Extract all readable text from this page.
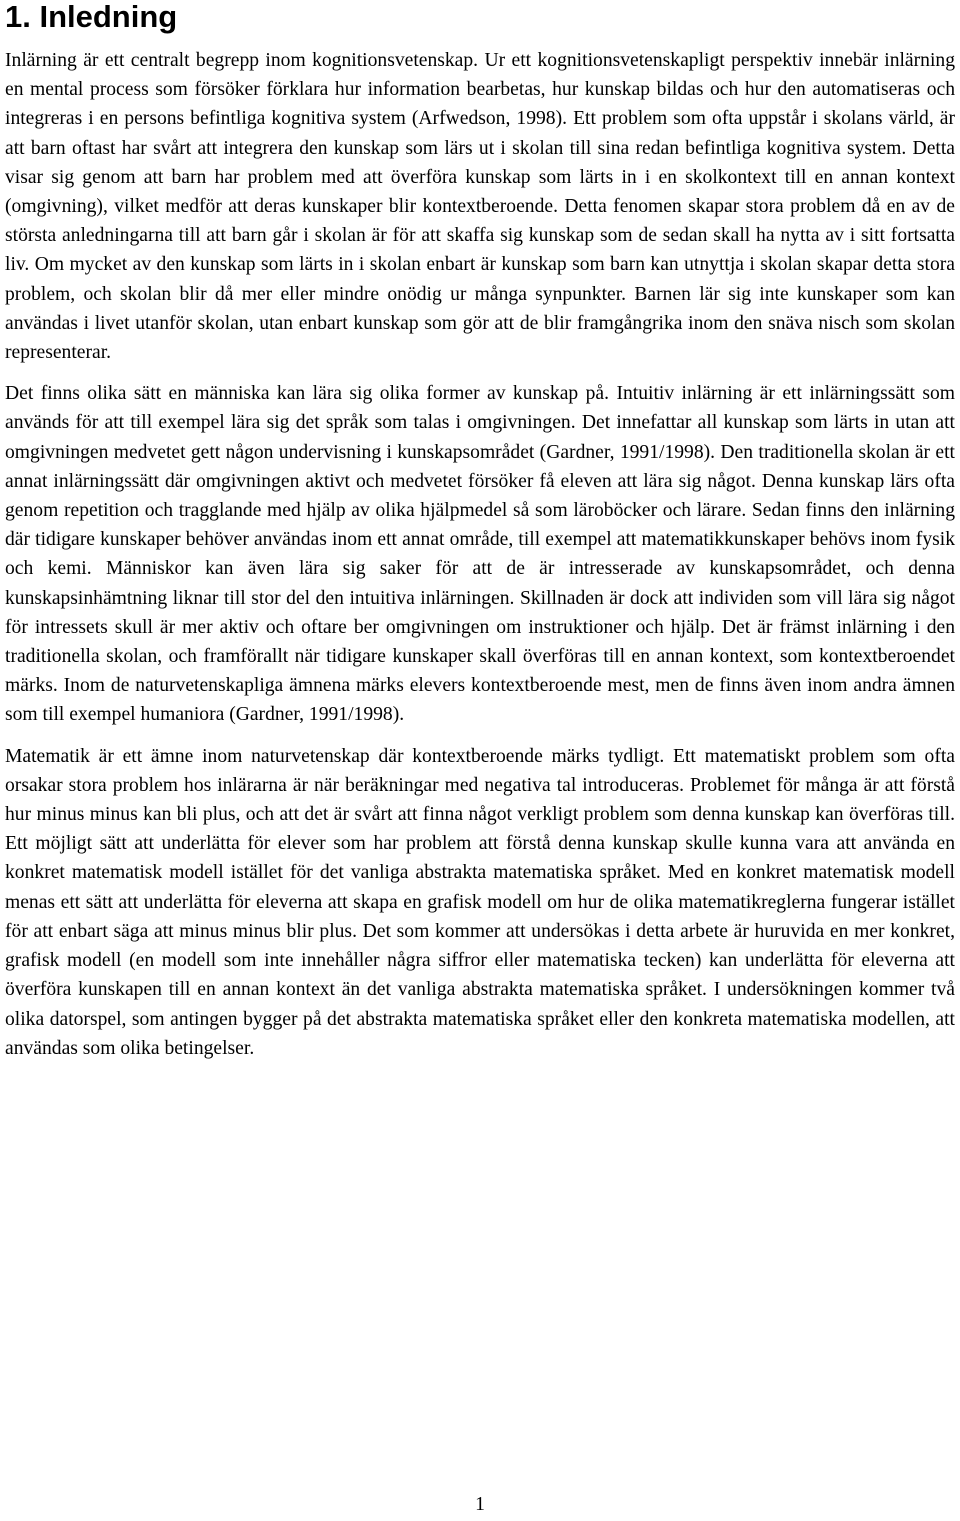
1. Inledning

Inlärning är ett centralt begrepp inom kognitionsvetenskap. Ur ett kognitionsvetenskapligt perspektiv innebär inlärning en mental process som försöker förklara hur information bearbetas, hur kunskap bildas och hur den automatiseras och integreras i en persons befintliga kognitiva system (Arfwedson, 1998). Ett problem som ofta uppstår i skolans värld, är att barn oftast har svårt att integrera den kunskap som lärs ut i skolan till sina redan befintliga kognitiva system. Detta visar sig genom att barn har problem med att överföra kunskap som lärts in i en skolkontext till en annan kontext (omgivning), vilket medför att deras kunskaper blir kontextberoende. Detta fenomen skapar stora problem då en av de största anledningarna till att barn går i skolan är för att skaffa sig kunskap som de sedan skall ha nytta av i sitt fortsatta liv. Om mycket av den kunskap som lärts in i skolan enbart är kunskap som barn kan utnyttja i skolan skapar detta stora problem, och skolan blir då mer eller mindre onödig ur många synpunkter. Barnen lär sig inte kunskaper som kan användas i livet utanför skolan, utan enbart kunskap som gör att de blir framgångrika inom den snäva nisch som skolan representerar.

Det finns olika sätt en människa kan lära sig olika former av kunskap på. Intuitiv inlärning är ett inlärningssätt som används för att till exempel lära sig det språk som talas i omgivningen. Det innefattar all kunskap som lärts in utan att omgivningen medvetet gett någon undervisning i kunskapsområdet (Gardner, 1991/1998). Den traditionella skolan är ett annat inlärningssätt där omgivningen aktivt och medvetet försöker få eleven att lära sig något. Denna kunskap lärs ofta genom repetition och tragglande med hjälp av olika hjälpmedel så som läroböcker och lärare. Sedan finns den inlärning där tidigare kunskaper behöver användas inom ett annat område, till exempel att matematikkunskaper behövs inom fysik och kemi. Människor kan även lära sig saker för att de är intresserade av kunskapsområdet, och denna kunskapsinhämtning liknar till stor del den intuitiva inlärningen. Skillnaden är dock att individen som vill lära sig något för intressets skull är mer aktiv och oftare ber omgivningen om instruktioner och hjälp. Det är främst inlärning i den traditionella skolan, och framförallt när tidigare kunskaper skall överföras till en annan kontext, som kontextberoendet märks. Inom de naturvetenskapliga ämnena märks elevers kontextberoende mest, men de finns även inom andra ämnen som till exempel humaniora (Gardner, 1991/1998).

Matematik är ett ämne inom naturvetenskap där kontextberoende märks tydligt. Ett matematiskt problem som ofta orsakar stora problem hos inlärarna är när beräkningar med negativa tal introduceras. Problemet för många är att förstå hur minus minus kan bli plus, och att det är svårt att finna något verkligt problem som denna kunskap kan överföras till. Ett möjligt sätt att underlätta för elever som har problem att förstå denna kunskap skulle kunna vara att använda en konkret matematisk modell istället för det vanliga abstrakta matematiska språket. Med en konkret matematisk modell menas ett sätt att underlätta för eleverna att skapa en grafisk modell om hur de olika matematikreglerna fungerar istället för att enbart säga att minus minus blir plus. Det som kommer att undersökas i detta arbete är huruvida en mer konkret, grafisk modell (en modell som inte innehåller några siffror eller matematiska tecken) kan underlätta för eleverna att överföra kunskapen till en annan kontext än det vanliga abstrakta matematiska språket. I undersökningen kommer två olika datorspel, som antingen bygger på det abstrakta matematiska språket eller den konkreta matematiska modellen, att användas som olika betingelser.

1
